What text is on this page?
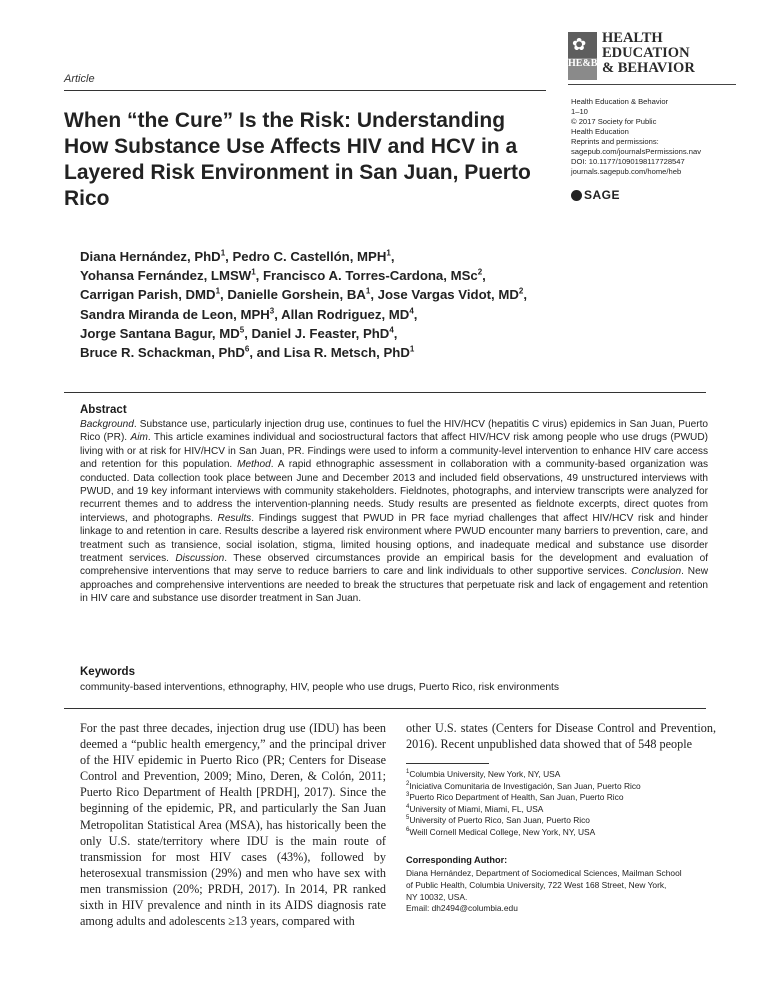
✿
HE&B
HEALTH
EDUCATION
& BEHAVIOR
Article
Health Education & Behavior
1–10
© 2017 Society for Public
Health Education
Reprints and permissions:
sagepub.com/journalsPermissions.nav
DOI: 10.1177/1090198117728547
journals.sagepub.com/home/heb
SAGE
When “the Cure” Is the Risk: Understanding How Substance Use Affects HIV and HCV in a Layered Risk Environment in San Juan, Puerto Rico
Diana Hernández, PhD$^1$, Pedro C. Castellón, MPH$^1$,
Yohansa Fernández, LMSW$^1$, Francisco A. Torres-Cardona, MSc$^2$,
Carrigan Parish, DMD$^1$, Danielle Gorshein, $BA^1$, Jose Vargas Vidot, $MD^2$,
Sandra Miranda de Leon, MPH$^3$, Allan Rodriguez, $MD^4$,
Jorge Santana Bagur, $MD^5$, Daniel J. Feaster, PhD$^4$,
Bruce R. Schackman, PhD$^6$, and Lisa R. Metsch, PhD$^1$
Abstract
Background. Substance use, particularly injection drug use, continues to fuel the HIV/HCV (hepatitis C virus) epidemics in San Juan, Puerto Rico (PR). Aim. This article examines individual and sociostructural factors that affect HIV/HCV risk among people who use drugs (PWUD) living with or at risk for HIV/HCV in San Juan, PR. Findings were used to inform a community-level intervention to enhance HIV care access and retention for this population. Method. A rapid ethnographic assessment in collaboration with a community-based organization was conducted. Data collection took place between June and December 2013 and included field observations, 49 unstructured interviews with PWUD, and 19 key informant interviews with community stakeholders. Fieldnotes, photographs, and interview transcripts were analyzed for recurrent themes and to address the intervention-planning needs. Study results are presented as fieldnote excerpts, direct quotes from interviews, and photographs. Results. Findings suggest that PWUD in PR face myriad challenges that affect HIV/HCV risk and hinder linkage to and retention in care. Results describe a layered risk environment where PWUD encounter many barriers to prevention, care, and treatment such as transience, social isolation, stigma, limited housing options, and inadequate medical and substance use disorder treatment services. Discussion. These observed circumstances provide an empirical basis for the development and evaluation of comprehensive interventions that may serve to reduce barriers to care and link individuals to other supportive services. Conclusion. New approaches and comprehensive interventions are needed to break the structures that perpetuate risk and lack of engagement and retention in HIV care and substance use disorder treatment in San Juan.
Keywords
community-based interventions, ethnography, HIV, people who use drugs, Puerto Rico, risk environments
For the past three decades, injection drug use (IDU) has been deemed a “public health emergency,” and the principal driver of the HIV epidemic in Puerto Rico (PR; Centers for Disease Control and Prevention, 2009; Mino, Deren, & Colón, 2011; Puerto Rico Department of Health [PRDH], 2017). Since the beginning of the epidemic, PR, and particularly the San Juan Metropolitan Statistical Area (MSA), has historically been the only U.S. state/territory where IDU is the main route of transmission for most HIV cases (43%), followed by heterosexual transmission (29%) and men who have sex with men transmission (20%; PRDH, 2017). In 2014, PR ranked sixth in HIV prevalence and ninth in its AIDS diagnosis rate among adults and adolescents ≥13 years, compared with
other U.S. states (Centers for Disease Control and Prevention, 2016). Recent unpublished data showed that of 548 people
$^1$Columbia University, New York, NY, USA
$^2$Iniciativa Comunitaria de Investigación, San Juan, Puerto Rico
$^3$Puerto Rico Department of Health, San Juan, Puerto Rico
$^4$University of Miami, Miami, FL, USA
$^5$University of Puerto Rico, San Juan, Puerto Rico
$^6$Weill Cornell Medical College, New York, NY, USA
Corresponding Author:
Diana Hernández, Department of Sociomedical Sciences, Mailman School
of Public Health, Columbia University, 722 West 168 Street, New York,
NY 10032, USA.
Email: dh2494@columbia.edu
